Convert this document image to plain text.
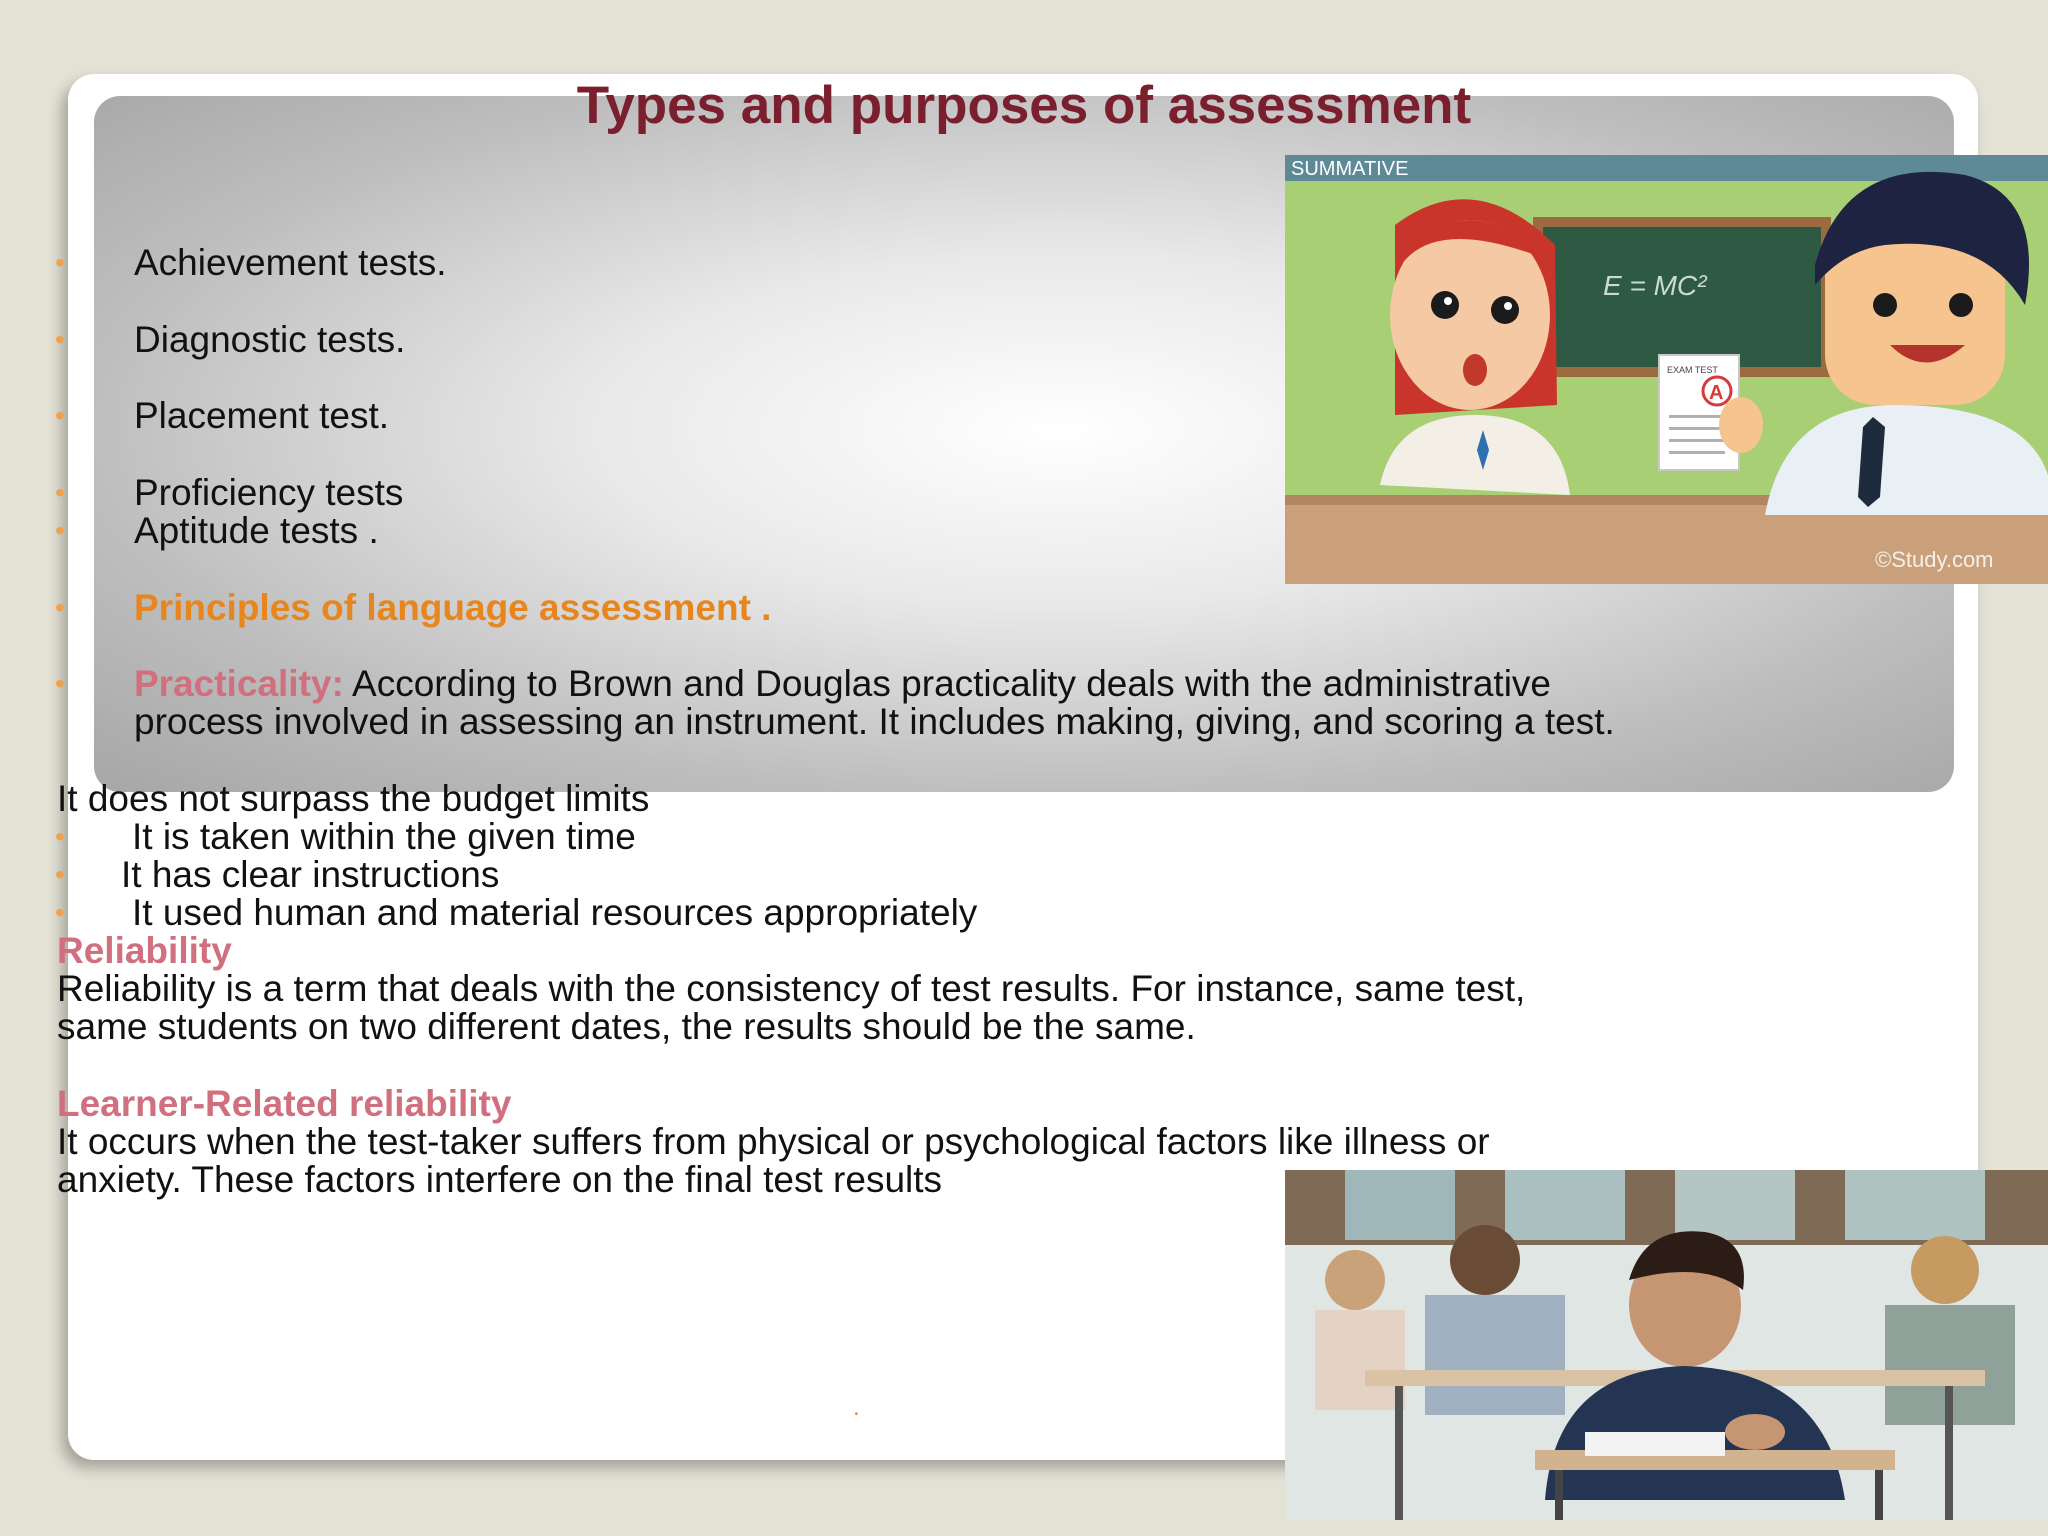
Types and purposes of assessment
• Achievement tests.
• Diagnostic tests.
• Placement test.
• Proficiency tests
• Aptitude tests .
• Principles of language assessment .
• Practicality: According to Brown and Douglas practicality deals with the administrative
process involved in assessing an instrument. It includes making, giving, and scoring a test.
It does not surpass the budget limits
• It is taken within the given time
• It has clear instructions
• It used human and material resources appropriately
Reliability
Reliability is a term that deals with the consistency of test results. For instance, same test,
same students on two different dates, the results should be the same.
Learner-Related reliability
It occurs when the test-taker suffers from physical or psychological factors like illness or
anxiety. These factors interfere on the final test results
.
SUMMATIVE
E = MC²
EXAM TEST
A
©Study.com
